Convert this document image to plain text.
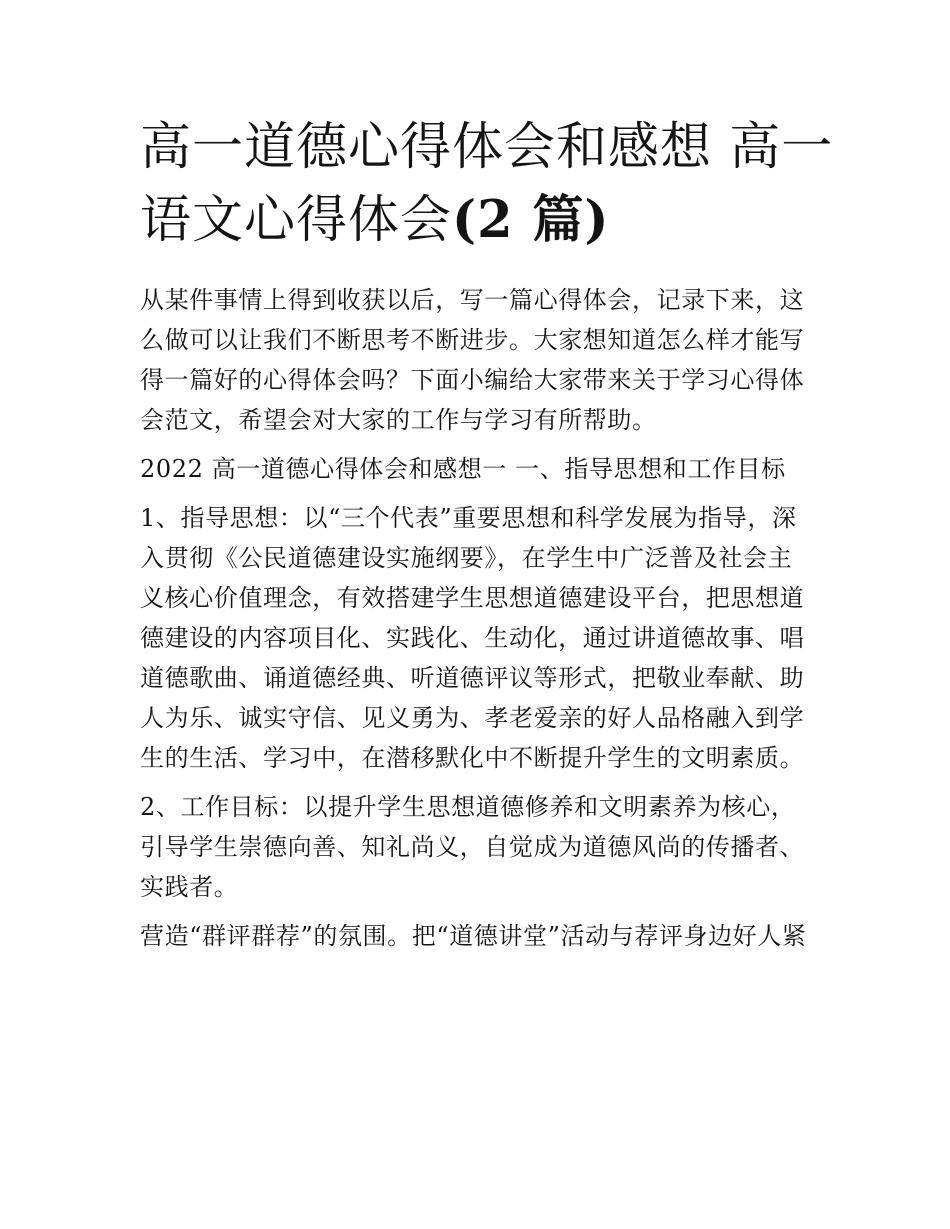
高一道德心得体会和感想 高一
语文心得体会(2 篇)
从某件事情上得到收获以后，写一篇心得体会，记录下来，这
么做可以让我们不断思考不断进步。大家想知道怎么样才能写
得一篇好的心得体会吗？下面小编给大家带来关于学习心得体
会范文，希望会对大家的工作与学习有所帮助。
2022 高一道德心得体会和感想一 一、指导思想和工作目标
1、指导思想：以“三个代表”重要思想和科学发展为指导，深
入贯彻《公民道德建设实施纲要》，在学生中广泛普及社会主
义核心价值理念，有效搭建学生思想道德建设平台，把思想道
德建设的内容项目化、实践化、生动化，通过讲道德故事、唱
道德歌曲、诵道德经典、听道德评议等形式，把敬业奉献、助
人为乐、诚实守信、见义勇为、孝老爱亲的好人品格融入到学
生的生活、学习中，在潜移默化中不断提升学生的文明素质。
2、工作目标：以提升学生思想道德修养和文明素养为核心，
引导学生崇德向善、知礼尚义，自觉成为道德风尚的传播者、
实践者。
营造“群评群荐”的氛围。把“道德讲堂”活动与荐评身边好人紧
